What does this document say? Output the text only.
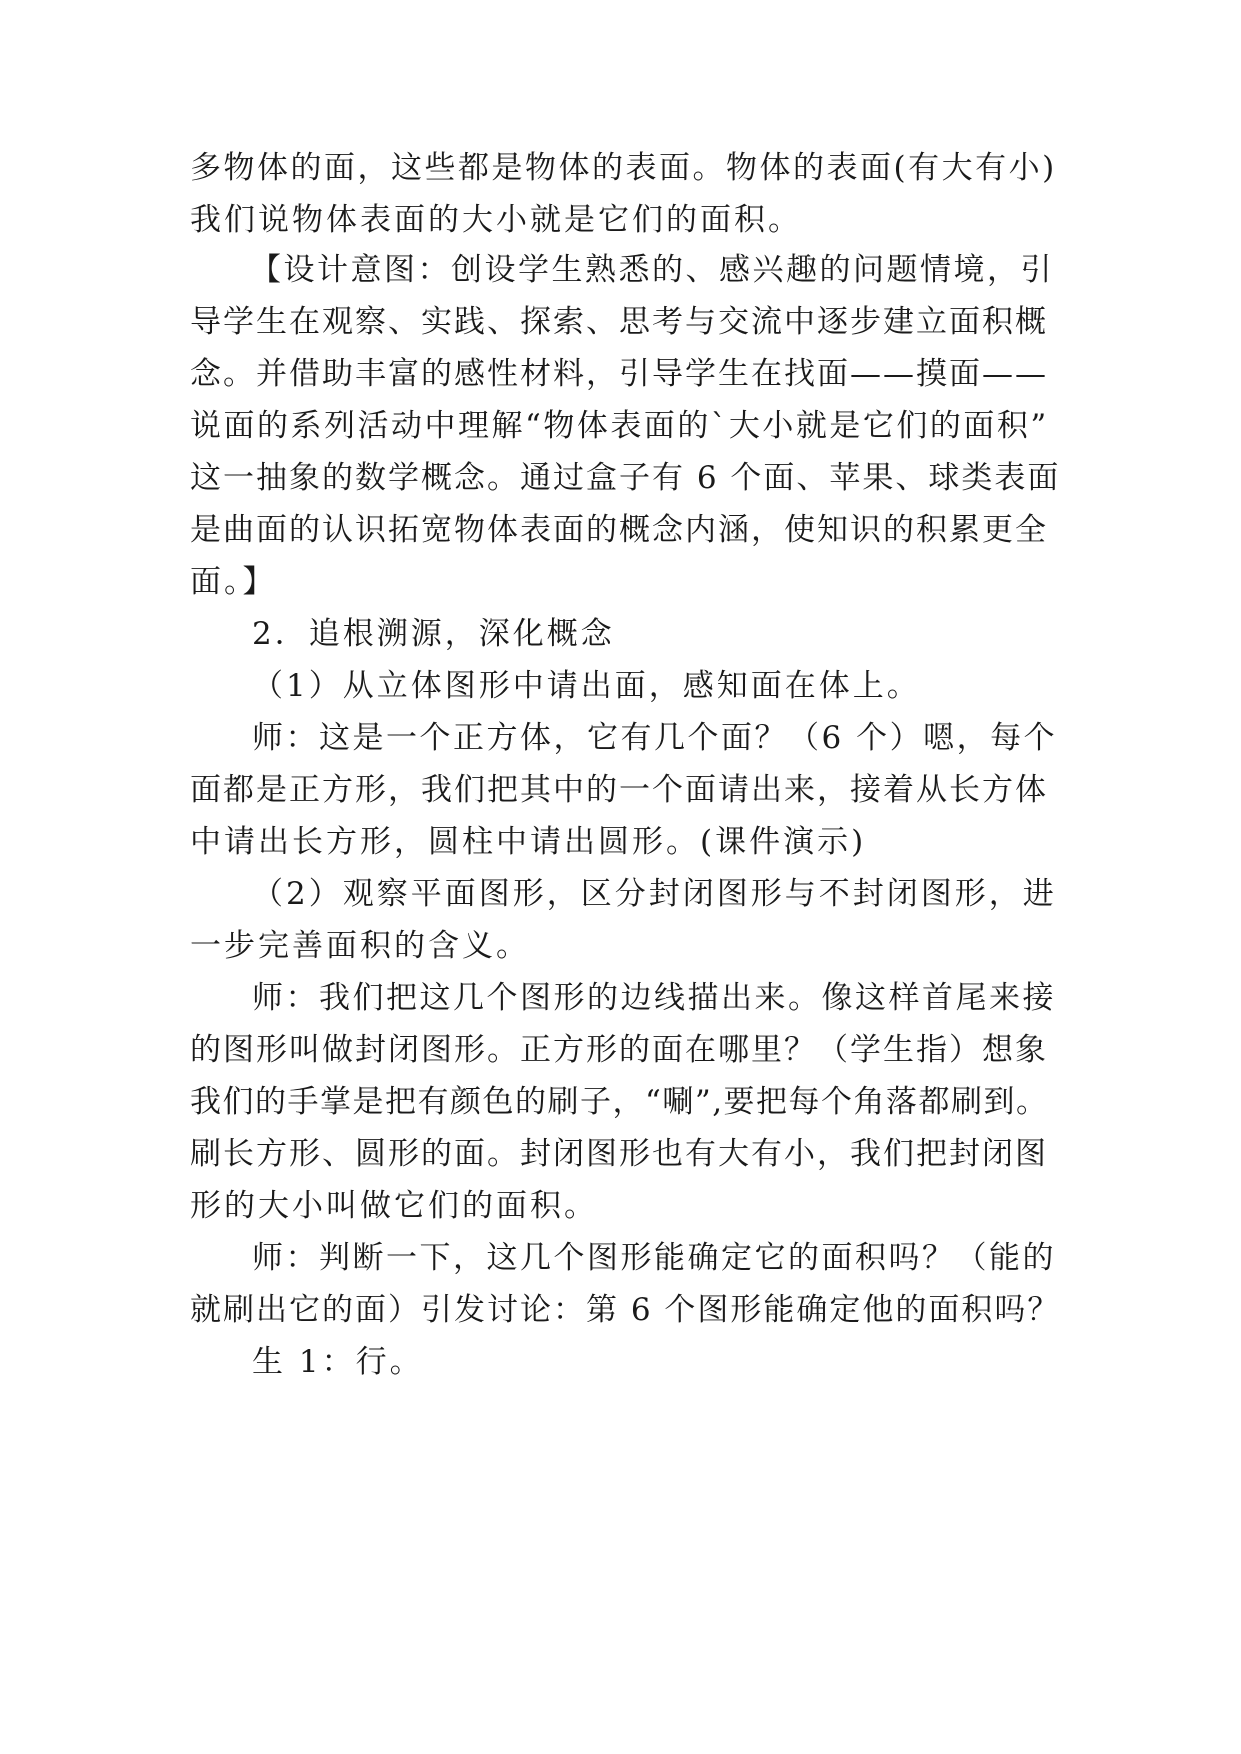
多物体的面，这些都是物体的表面。物体的表面(有大有小)
我们说物体表面的大小就是它们的面积。
【设计意图：创设学生熟悉的、感兴趣的问题情境，引
导学生在观察、实践、探索、思考与交流中逐步建立面积概
念。并借助丰富的感性材料，引导学生在找面——摸面——
说面的系列活动中理解“物体表面的`大小就是它们的面积”
这一抽象的数学概念。通过盒子有 6 个面、苹果、球类表面
是曲面的认识拓宽物体表面的概念内涵，使知识的积累更全
面。】
2．追根溯源，深化概念
（1）从立体图形中请出面，感知面在体上。
师：这是一个正方体，它有几个面？（6 个）嗯，每个
面都是正方形，我们把其中的一个面请出来，接着从长方体
中请出长方形，圆柱中请出圆形。(课件演示)
（2）观察平面图形，区分封闭图形与不封闭图形，进
一步完善面积的含义。
师：我们把这几个图形的边线描出来。像这样首尾来接
的图形叫做封闭图形。正方形的面在哪里？（学生指）想象
我们的手掌是把有颜色的刷子，“唰”,要把每个角落都刷到。
刷长方形、圆形的面。封闭图形也有大有小，我们把封闭图
形的大小叫做它们的面积。
师：判断一下，这几个图形能确定它的面积吗？（能的
就刷出它的面）引发讨论：第 6 个图形能确定他的面积吗？
生 1：行。
